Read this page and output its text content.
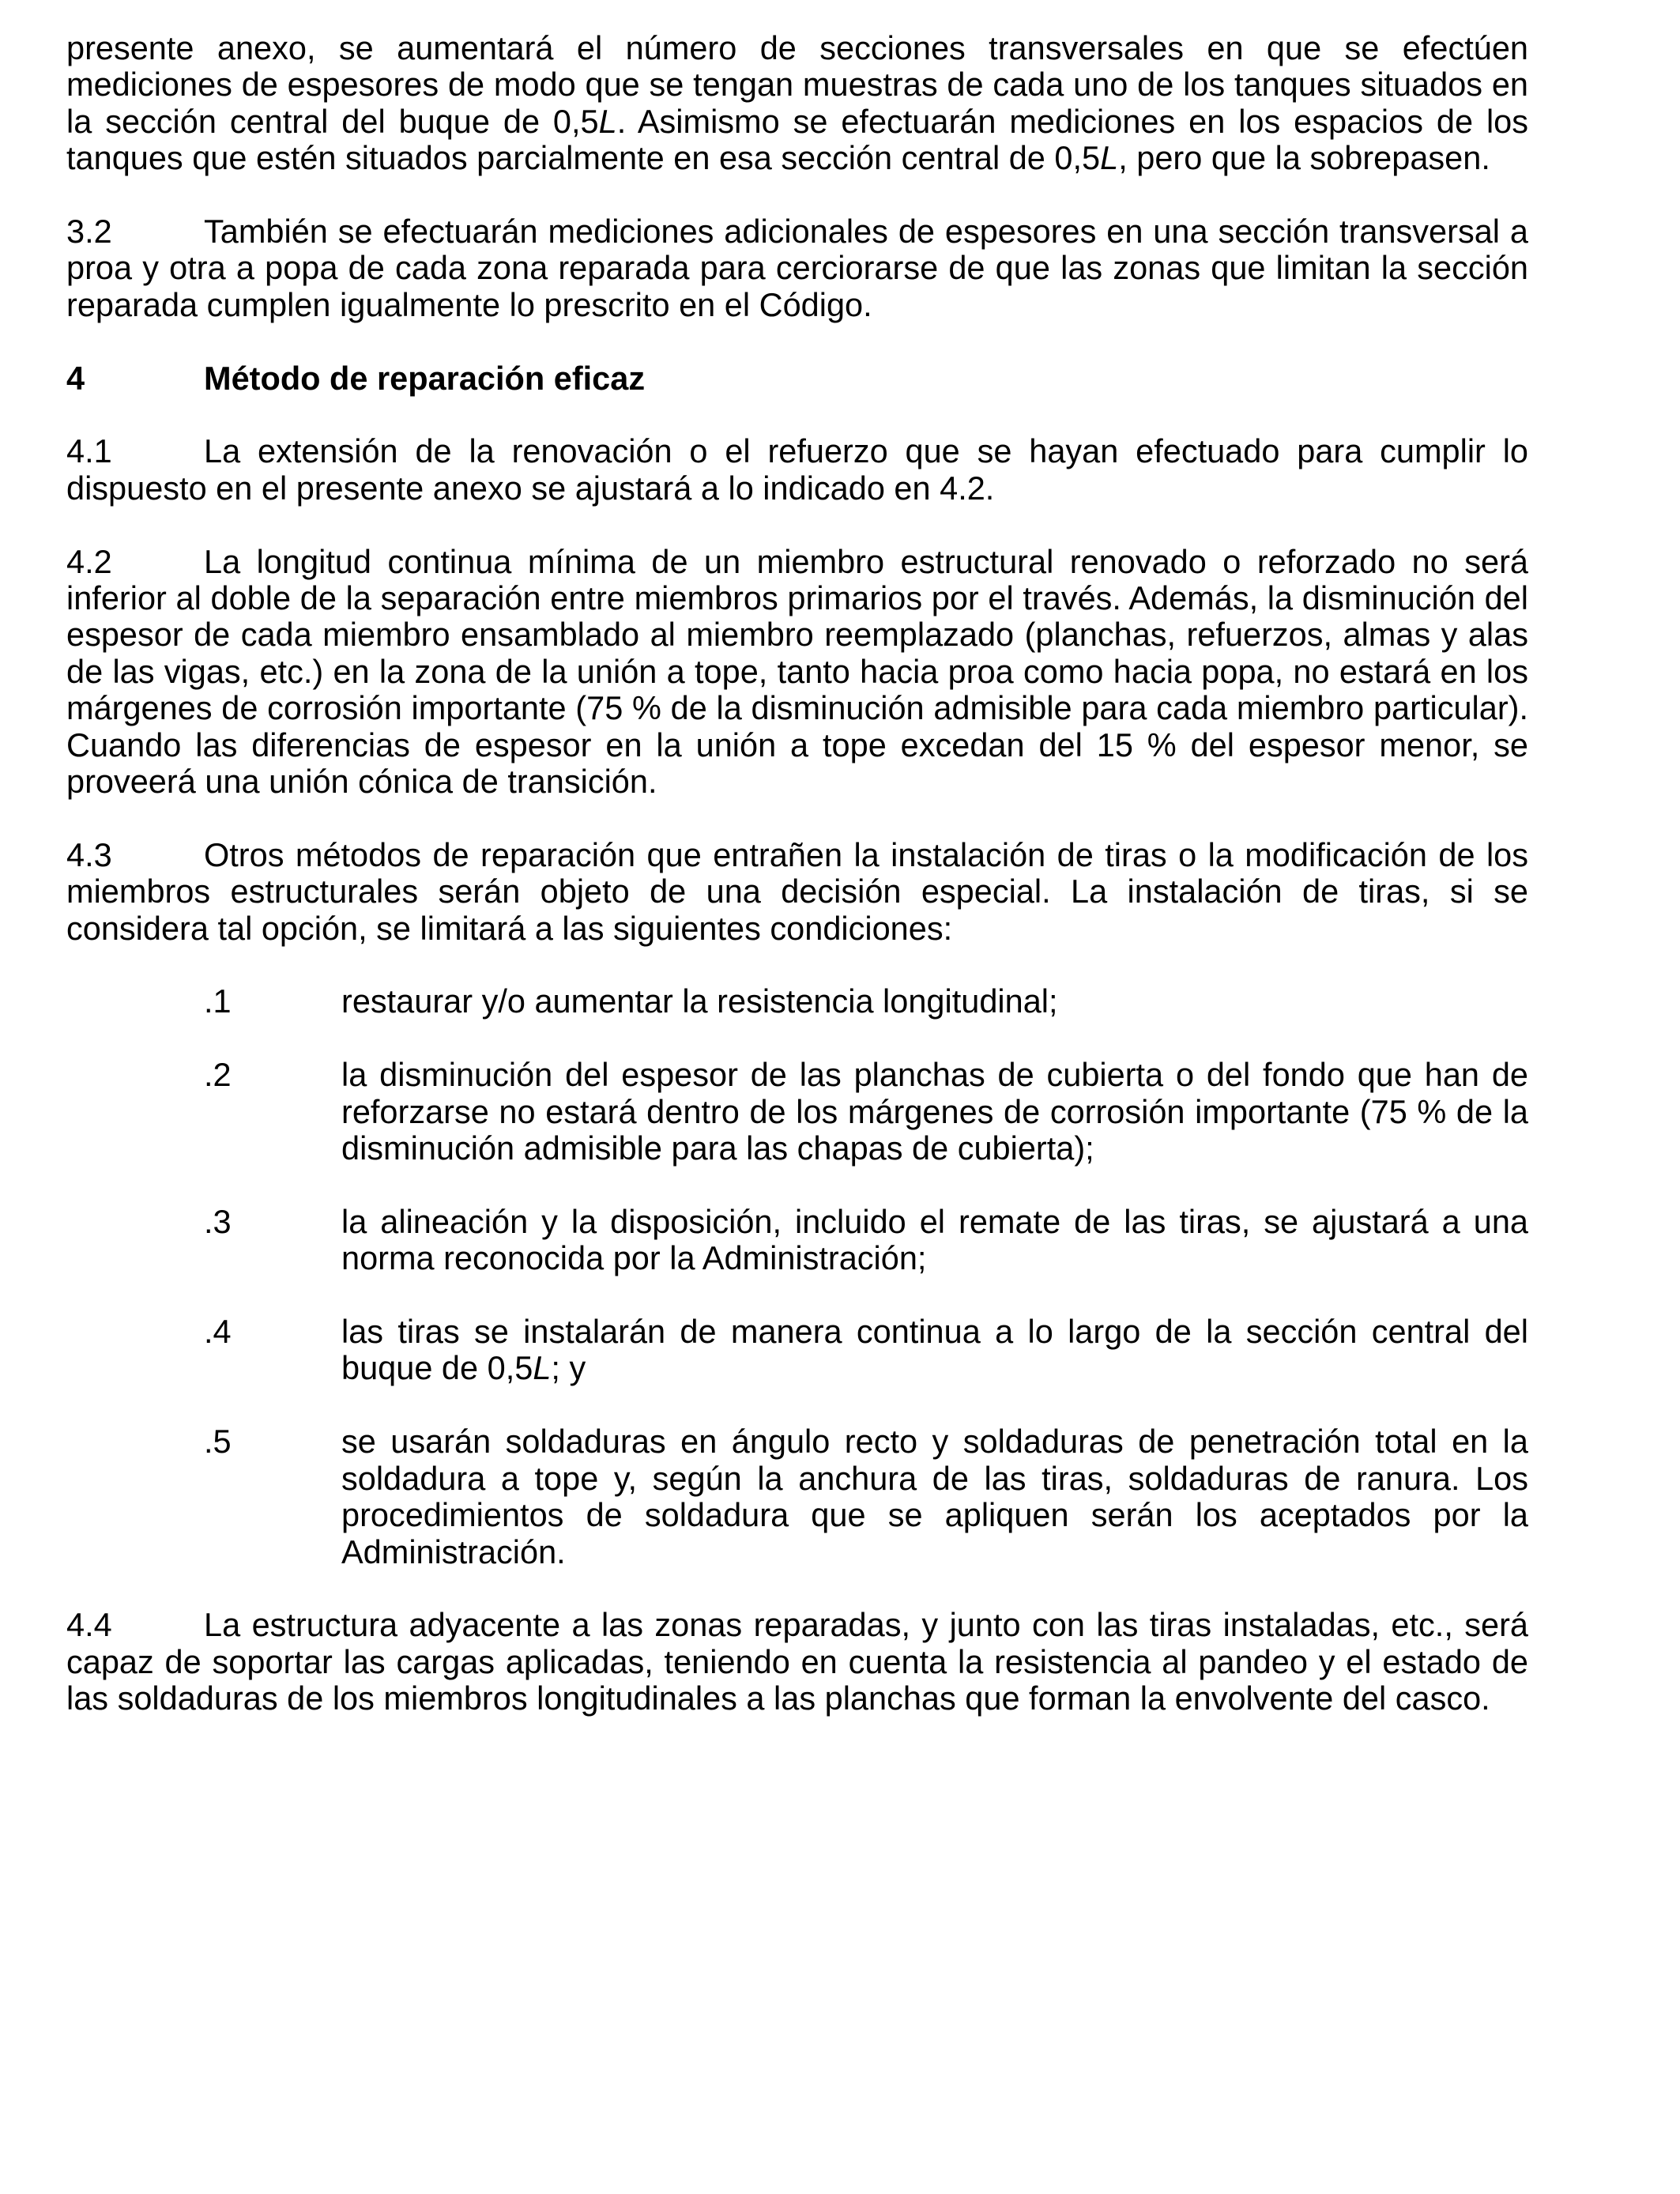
presente anexo, se aumentará el número de secciones transversales en que se efectúen mediciones de espesores de modo que se tengan muestras de cada uno de los tanques situados en la sección central del buque de 0,5L. Asimismo se efectuarán mediciones en los espacios de los tanques que estén situados parcialmente en esa sección central de 0,5L, pero que la sobrepasen.

3.2	También se efectuarán mediciones adicionales de espesores en una sección transversal a proa y otra a popa de cada zona reparada para cerciorarse de que las zonas que limitan la sección reparada cumplen igualmente lo prescrito en el Código.

4	Método de reparación eficaz

4.1	La extensión de la renovación o el refuerzo que se hayan efectuado para cumplir lo dispuesto en el presente anexo se ajustará a lo indicado en 4.2.

4.2	La longitud continua mínima de un miembro estructural renovado o reforzado no será inferior al doble de la separación entre miembros primarios por el través. Además, la disminución del espesor de cada miembro ensamblado al miembro reemplazado (planchas, refuerzos, almas y alas de las vigas, etc.) en la zona de la unión a tope, tanto hacia proa como hacia popa, no estará en los márgenes de corrosión importante (75 % de la disminución admisible para cada miembro particular). Cuando las diferencias de espesor en la unión a tope excedan del 15 % del espesor menor, se proveerá una unión cónica de transición.

4.3	Otros métodos de reparación que entrañen la instalación de tiras o la modificación de los miembros estructurales serán objeto de una decisión especial. La instalación de tiras, si se considera tal opción, se limitará a las siguientes condiciones:

.1	restaurar y/o aumentar la resistencia longitudinal;
.2	la disminución del espesor de las planchas de cubierta o del fondo que han de reforzarse no estará dentro de los márgenes de corrosión importante (75 % de la disminución admisible para las chapas de cubierta);
.3	la alineación y la disposición, incluido el remate de las tiras, se ajustará a una norma reconocida por la Administración;
.4	las tiras se instalarán de manera continua a lo largo de la sección central del buque de 0,5L; y
.5	se usarán soldaduras en ángulo recto y soldaduras de penetración total en la soldadura a tope y, según la anchura de las tiras, soldaduras de ranura. Los procedimientos de soldadura que se apliquen serán los aceptados por la Administración.

4.4	La estructura adyacente a las zonas reparadas, y junto con las tiras instaladas, etc., será capaz de soportar las cargas aplicadas, teniendo en cuenta la resistencia al pandeo y el estado de las soldaduras de los miembros longitudinales a las planchas que forman la envolvente del casco.
